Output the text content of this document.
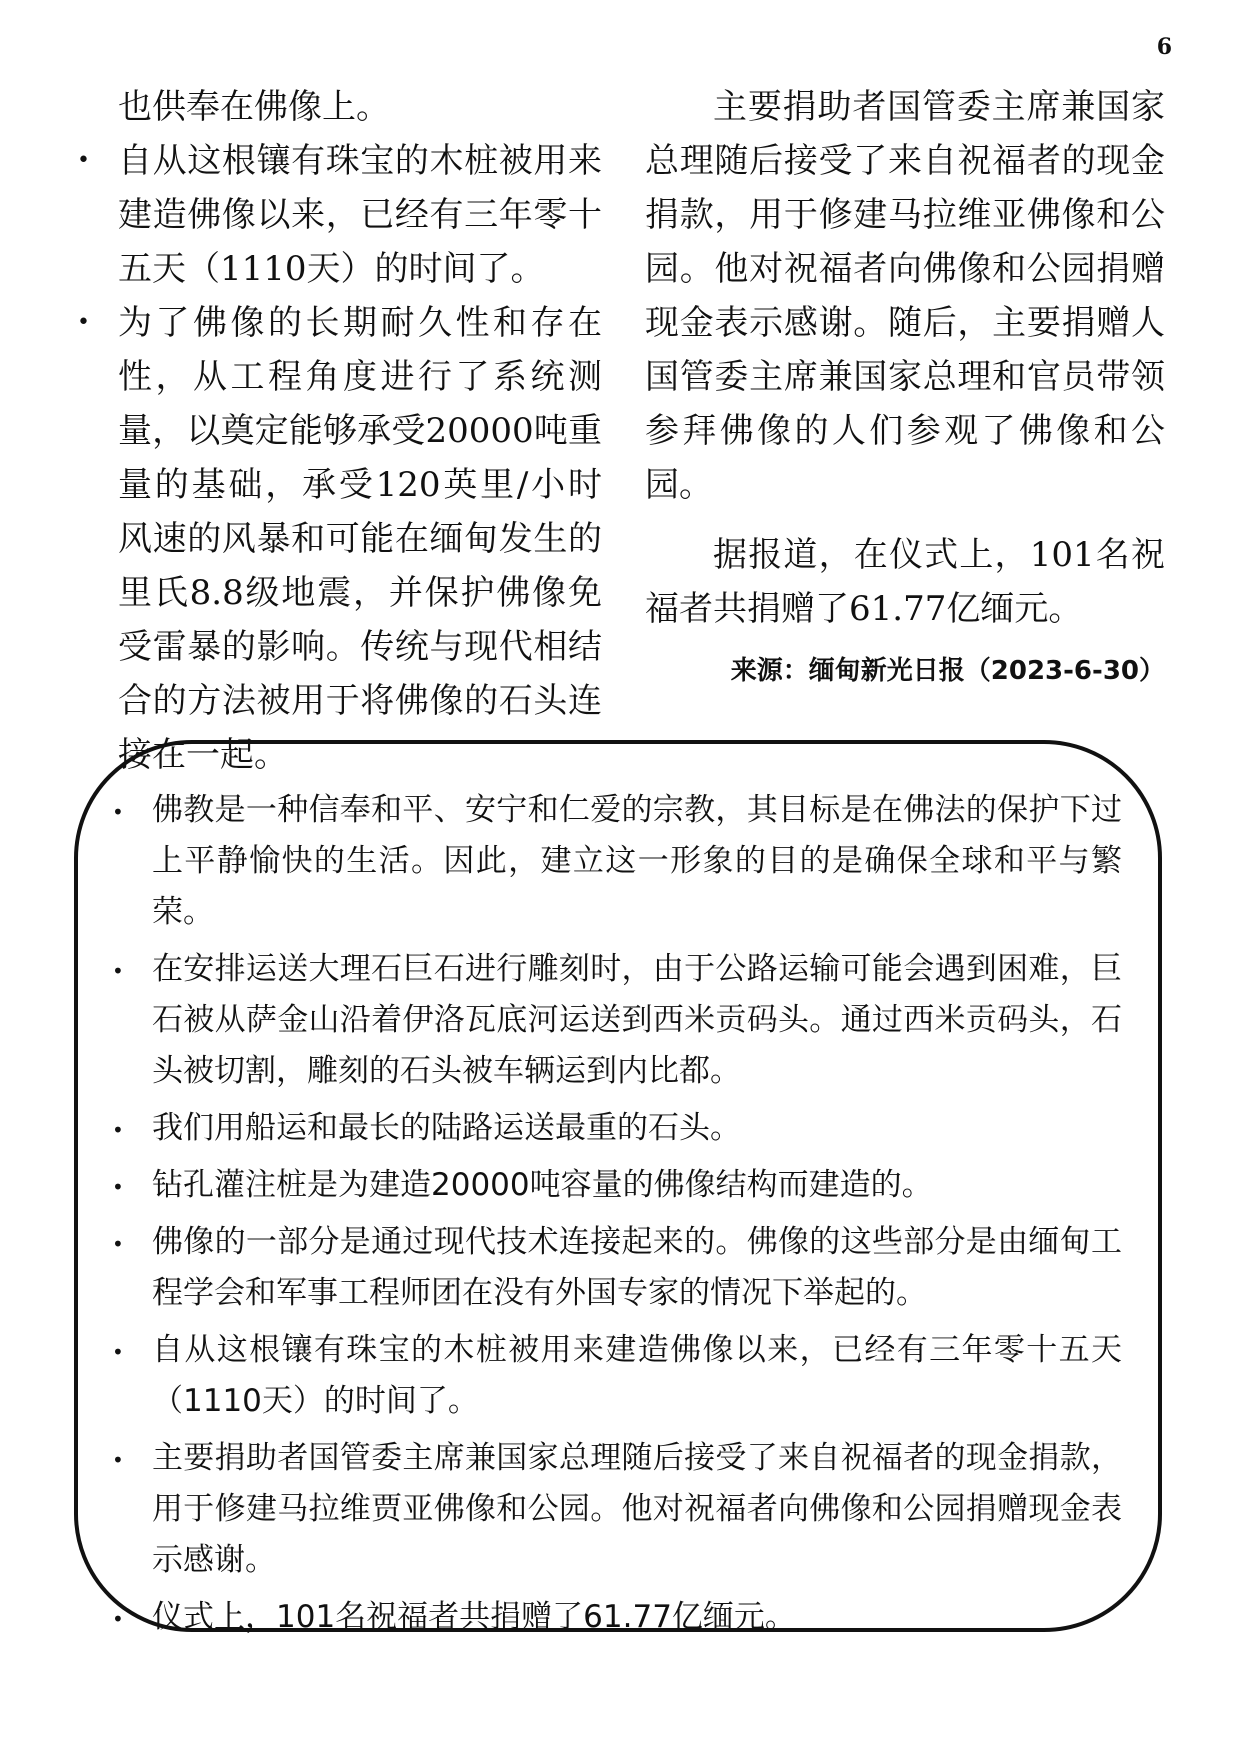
6

也供奉在佛像上。

• 自从这根镶有珠宝的木桩被用来建造佛像以来，已经有三年零十五天（1110天）的时间了。
• 为了佛像的长期耐久性和存在性，从工程角度进行了系统测量，以奠定能够承受20000吨重量的基础，承受120英里/小时风速的风暴和可能在缅甸发生的里氏8.8级地震，并保护佛像免受雷暴的影响。传统与现代相结合的方法被用于将佛像的石头连接在一起。

主要捐助者国管委主席兼国家总理随后接受了来自祝福者的现金捐款，用于修建马拉维亚佛像和公园。他对祝福者向佛像和公园捐赠现金表示感谢。随后，主要捐赠人国管委主席兼国家总理和官员带领参拜佛像的人们参观了佛像和公园。

据报道，在仪式上，101名祝福者共捐赠了61.77亿缅元。

来源：缅甸新光日报（2023-6-30）
• 佛教是一种信奉和平、安宁和仁爱的宗教，其目标是在佛法的保护下过上平静愉快的生活。因此，建立这一形象的目的是确保全球和平与繁荣。
• 在安排运送大理石巨石进行雕刻时，由于公路运输可能会遇到困难，巨石被从萨金山沿着伊洛瓦底河运送到西米贡码头。通过西米贡码头，石头被切割，雕刻的石头被车辆运到内比都。
• 我们用船运和最长的陆路运送最重的石头。
• 钻孔灌注桩是为建造20000吨容量的佛像结构而建造的。
• 佛像的一部分是通过现代技术连接起来的。佛像的这些部分是由缅甸工程学会和军事工程师团在没有外国专家的情况下举起的。
• 自从这根镶有珠宝的木桩被用来建造佛像以来，已经有三年零十五天（1110天）的时间了。
• 主要捐助者国管委主席兼国家总理随后接受了来自祝福者的现金捐款，用于修建马拉维贾亚佛像和公园。他对祝福者向佛像和公园捐赠现金表示感谢。
• 仪式上，101名祝福者共捐赠了61.77亿缅元。
